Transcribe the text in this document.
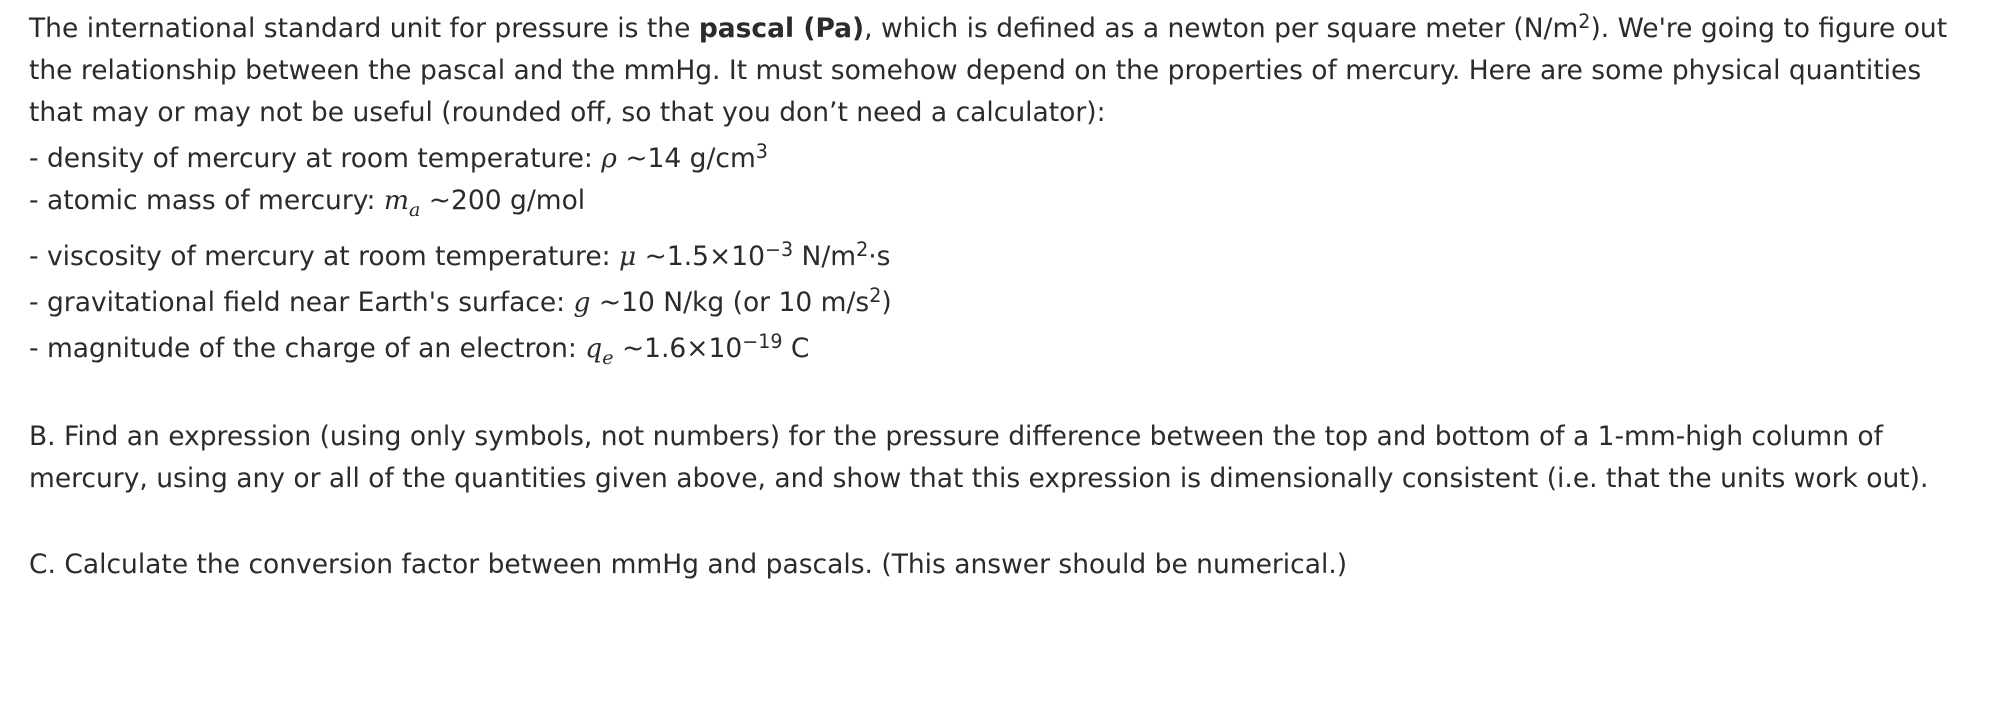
The international standard unit for pressure is the pascal (Pa), which is defined as a newton per square meter $(N/m^2)$. We're going to figure out the relationship between the pascal and the mmHg. It must somehow depend on the properties of mercury. Here are some physical quantities that may or may not be useful (rounded off, so that you don’t need a calculator):

- density of mercury at room temperature: ρ ~14 $g/cm^3$
- atomic mass of mercury: $m_a$ ~200 g/mol
- viscosity of mercury at room temperature: μ $\sim 1.5\times 10^{-3}$ $N/m^2\cdot s$
- gravitational field near Earth's surface: g ~10 N/kg (or 10 $m/s^2$)
- magnitude of the charge of an electron: $q_e$ $\sim 1.6\times 10^{-19}$ C

B. Find an expression (using only symbols, not numbers) for the pressure difference between the top and bottom of a 1-mm-high column of mercury, using any or all of the quantities given above, and show that this expression is dimensionally consistent (i.e. that the units work out).

C. Calculate the conversion factor between mmHg and pascals. (This answer should be numerical.)
